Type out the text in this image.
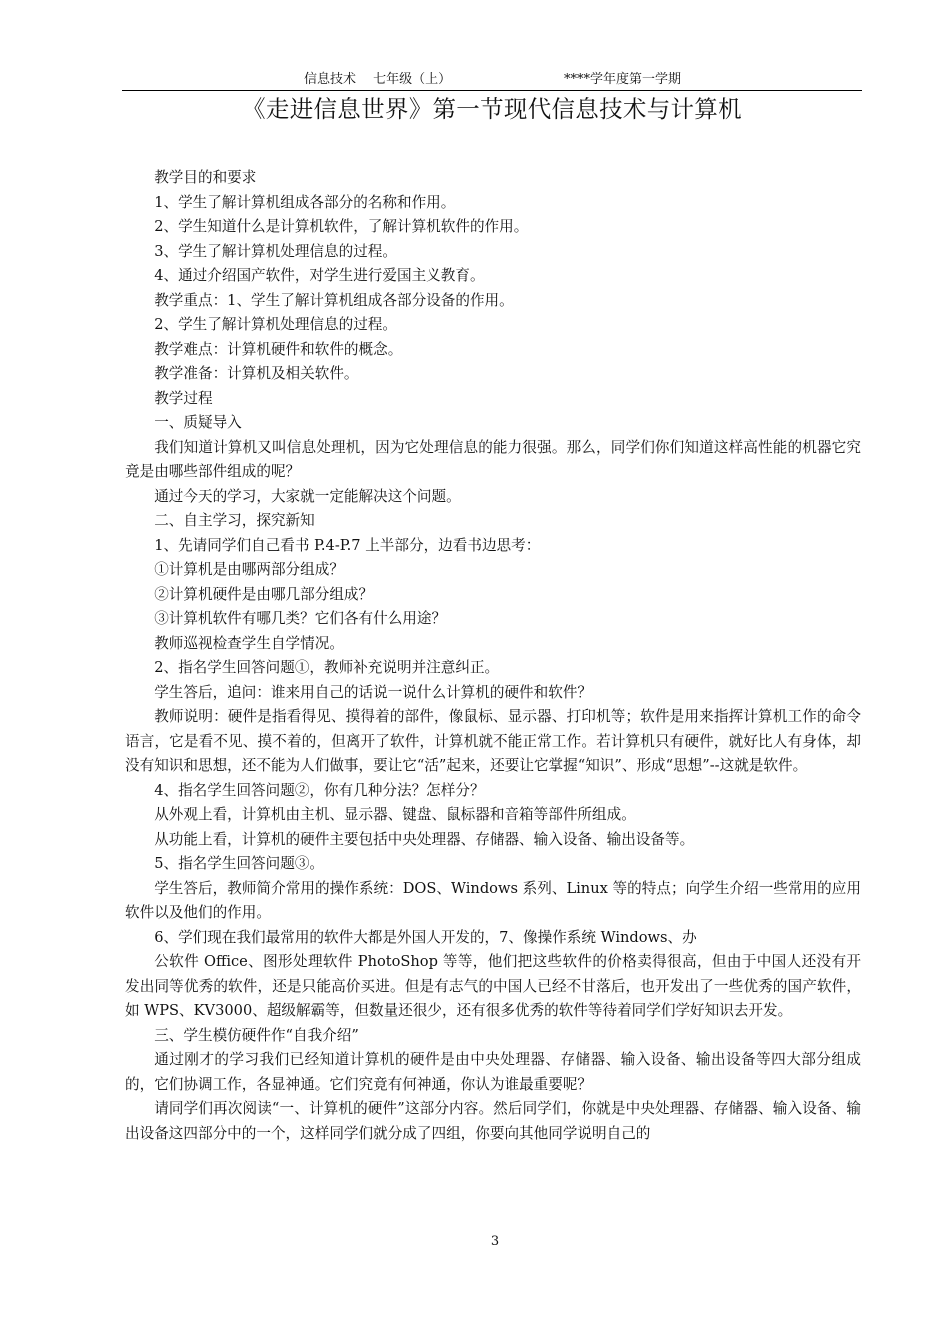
信息技术　 七年级（上）	****学年度第一学期
《走进信息世界》第一节现代信息技术与计算机

教学目的和要求

1、学生了解计算机组成各部分的名称和作用。

2、学生知道什么是计算机软件，了解计算机软件的作用。

3、学生了解计算机处理信息的过程。

4、通过介绍国产软件，对学生进行爱国主义教育。

教学重点：1、学生了解计算机组成各部分设备的作用。

2、学生了解计算机处理信息的过程。

教学难点：计算机硬件和软件的概念。

教学准备：计算机及相关软件。

教学过程

一、质疑导入

我们知道计算机又叫信息处理机，因为它处理信息的能力很强。那么，同学们你们知道这样高性能的机器它究竟是由哪些部件组成的呢？

通过今天的学习，大家就一定能解决这个问题。

二、自主学习，探究新知

1、先请同学们自己看书 P.4-P.7 上半部分，边看书边思考：

①计算机是由哪两部分组成？

②计算机硬件是由哪几部分组成？

③计算机软件有哪几类？它们各有什么用途？

教师巡视检查学生自学情况。

2、指名学生回答问题①，教师补充说明并注意纠正。

学生答后，追问：谁来用自己的话说一说什么计算机的硬件和软件？

教师说明：硬件是指看得见、摸得着的部件，像鼠标、显示器、打印机等；软件是用来指挥计算机工作的命令语言，它是看不见、摸不着的，但离开了软件，计算机就不能正常工作。若计算机只有硬件，就好比人有身体，却没有知识和思想，还不能为人们做事，要让它“活”起来，还要让它掌握“知识”、形成“思想”--这就是软件。

4、指名学生回答问题②，你有几种分法？怎样分？

从外观上看，计算机由主机、显示器、键盘、鼠标器和音箱等部件所组成。

从功能上看，计算机的硬件主要包括中央处理器、存储器、输入设备、输出设备等。

5、指名学生回答问题③。

学生答后，教师简介常用的操作系统：DOS、Windows 系列、Linux 等的特点；向学生介绍一些常用的应用软件以及他们的作用。

6、学们现在我们最常用的软件大都是外国人开发的，7、像操作系统 Windows、办

公软件 Office、图形处理软件 PhotoShop 等等，他们把这些软件的价格卖得很高，但由于中国人还没有开发出同等优秀的软件，还是只能高价买进。但是有志气的中国人已经不甘落后，也开发出了一些优秀的国产软件，如 WPS、KV3000、超级解霸等，但数量还很少，还有很多优秀的软件等待着同学们学好知识去开发。

三、学生模仿硬件作“自我介绍”

通过刚才的学习我们已经知道计算机的硬件是由中央处理器、存储器、输入设备、输出设备等四大部分组成的，它们协调工作，各显神通。它们究竟有何神通，你认为谁最重要呢？

请同学们再次阅读“一、计算机的硬件”这部分内容。然后同学们，你就是中央处理器、存储器、输入设备、输出设备这四部分中的一个，这样同学们就分成了四组，你要向其他同学说明自己的

3
